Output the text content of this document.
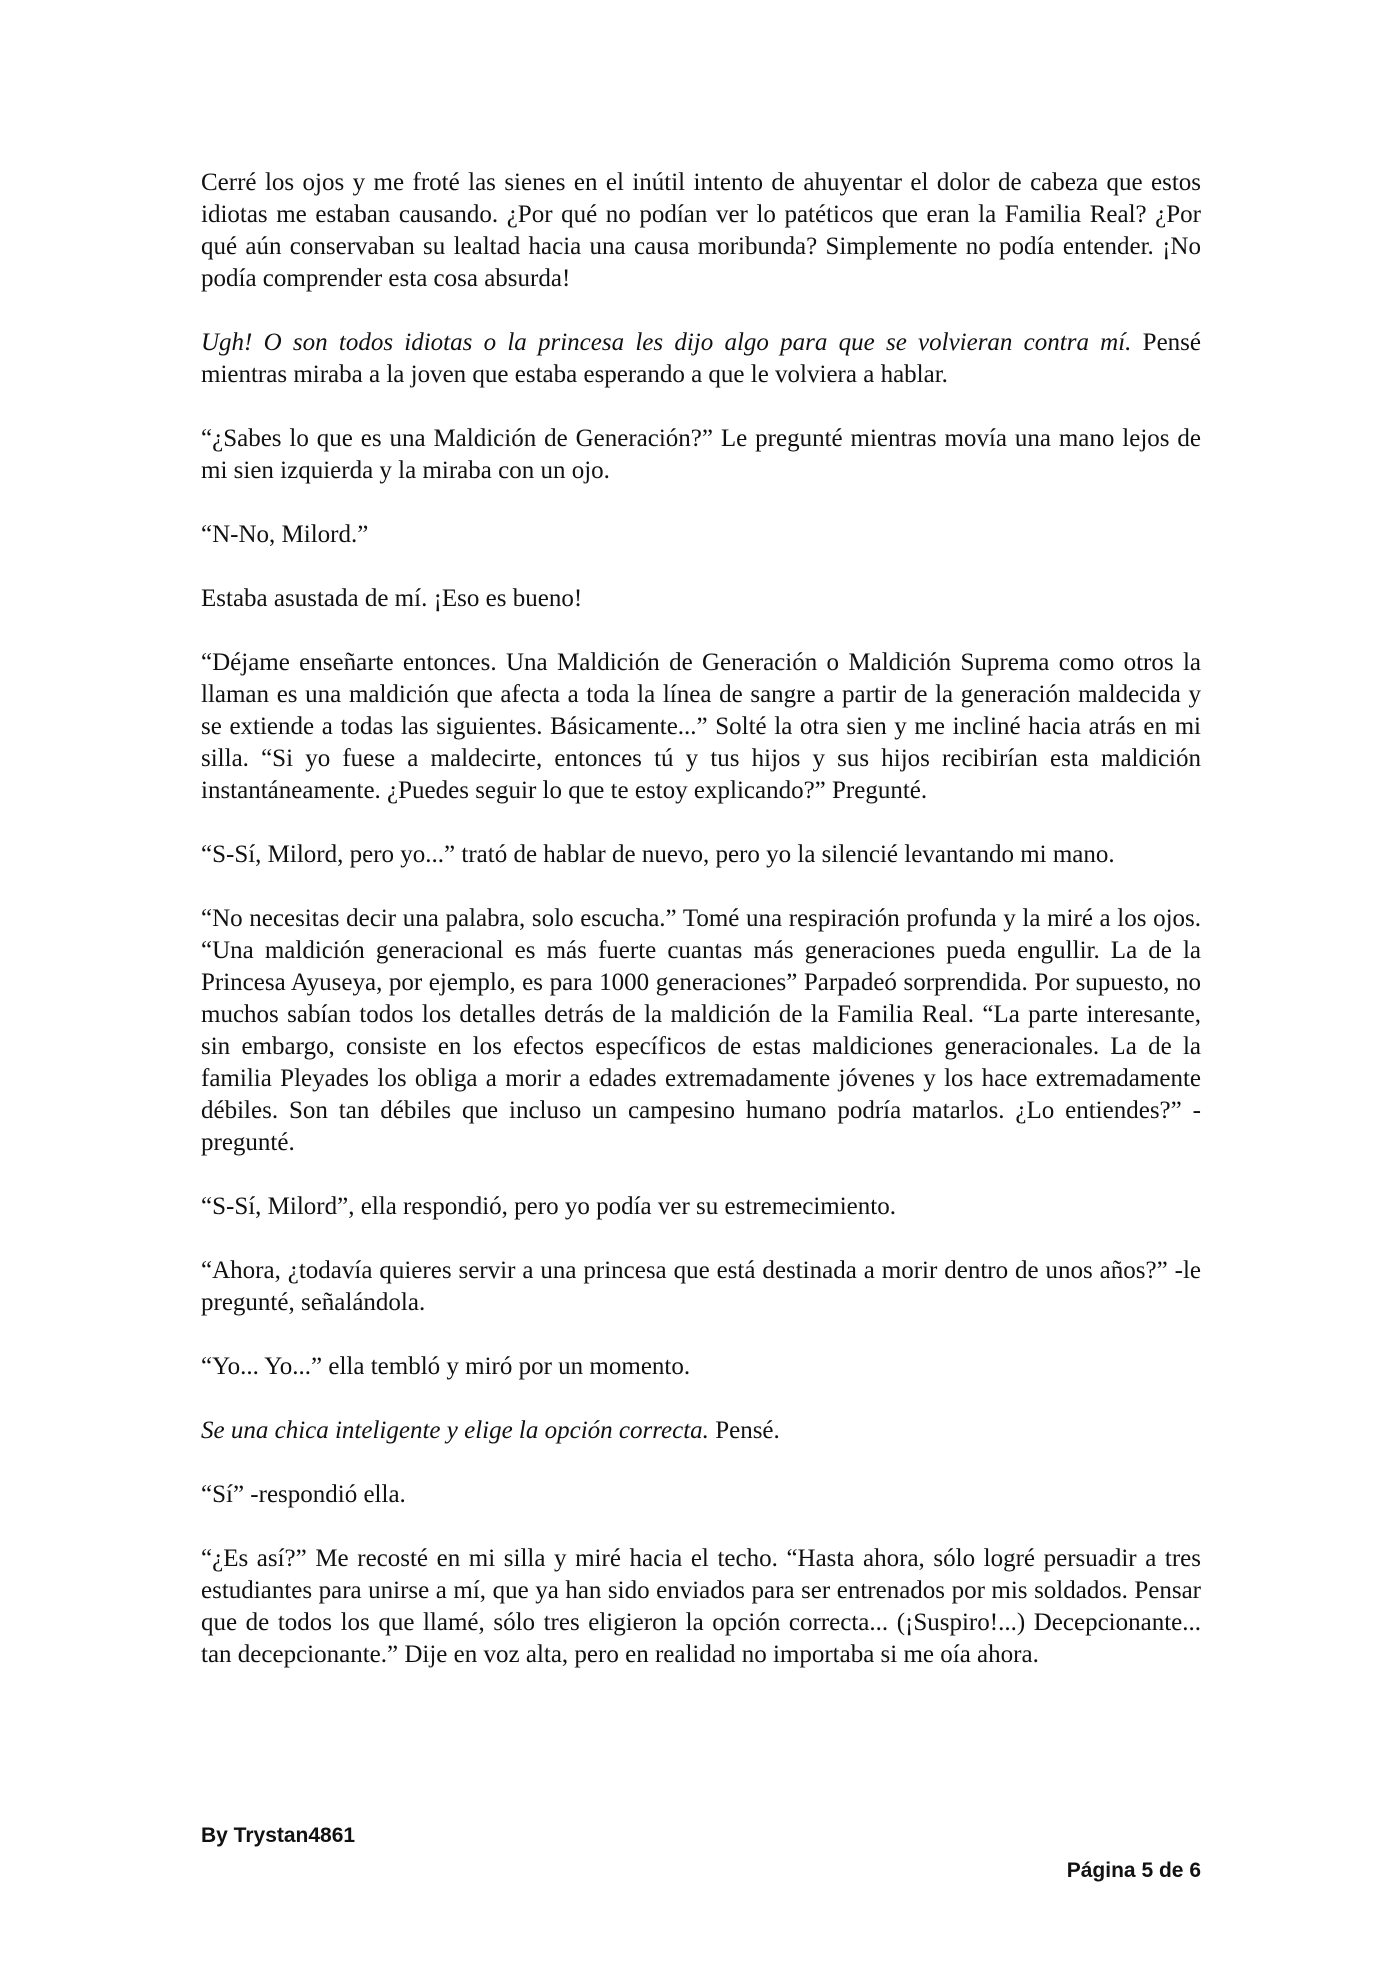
Cerré los ojos y me froté las sienes en el inútil intento de ahuyentar el dolor de cabeza que estos idiotas me estaban causando. ¿Por qué no podían ver lo patéticos que eran la Familia Real? ¿Por qué aún conservaban su lealtad hacia una causa moribunda? Simplemente no podía entender. ¡No podía comprender esta cosa absurda!

Ugh! O son todos idiotas o la princesa les dijo algo para que se volvieran contra mí. Pensé mientras miraba a la joven que estaba esperando a que le volviera a hablar.

“¿Sabes lo que es una Maldición de Generación?” Le pregunté mientras movía una mano lejos de mi sien izquierda y la miraba con un ojo.

“N-No, Milord.”

Estaba asustada de mí. ¡Eso es bueno!

“Déjame enseñarte entonces. Una Maldición de Generación o Maldición Suprema como otros la llaman es una maldición que afecta a toda la línea de sangre a partir de la generación maldecida y se extiende a todas las siguientes. Básicamente...” Solté la otra sien y me incliné hacia atrás en mi silla. “Si yo fuese a maldecirte, entonces tú y tus hijos y sus hijos recibirían esta maldición instantáneamente. ¿Puedes seguir lo que te estoy explicando?” Pregunté.

“S-Sí, Milord, pero yo...” trató de hablar de nuevo, pero yo la silencié levantando mi mano.

“No necesitas decir una palabra, solo escucha.” Tomé una respiración profunda y la miré a los ojos. “Una maldición generacional es más fuerte cuantas más generaciones pueda engullir. La de la Princesa Ayuseya, por ejemplo, es para 1000 generaciones” Parpadeó sorprendida. Por supuesto, no muchos sabían todos los detalles detrás de la maldición de la Familia Real. “La parte interesante, sin embargo, consiste en los efectos específicos de estas maldiciones generacionales. La de la familia Pleyades los obliga a morir a edades extremadamente jóvenes y los hace extremadamente débiles. Son tan débiles que incluso un campesino humano podría matarlos. ¿Lo entiendes?” -pregunté.

“S-Sí, Milord”, ella respondió, pero yo podía ver su estremecimiento.

“Ahora, ¿todavía quieres servir a una princesa que está destinada a morir dentro de unos años?” -le pregunté, señalándola.

“Yo... Yo...” ella tembló y miró por un momento.

Se una chica inteligente y elige la opción correcta. Pensé.

“Sí” -respondió ella.

“¿Es así?” Me recosté en mi silla y miré hacia el techo. “Hasta ahora, sólo logré persuadir a tres estudiantes para unirse a mí, que ya han sido enviados para ser entrenados por mis soldados. Pensar que de todos los que llamé, sólo tres eligieron la opción correcta... (¡Suspiro!...) Decepcionante... tan decepcionante.” Dije en voz alta, pero en realidad no importaba si me oía ahora.

By Trystan4861
Página 5 de 6
